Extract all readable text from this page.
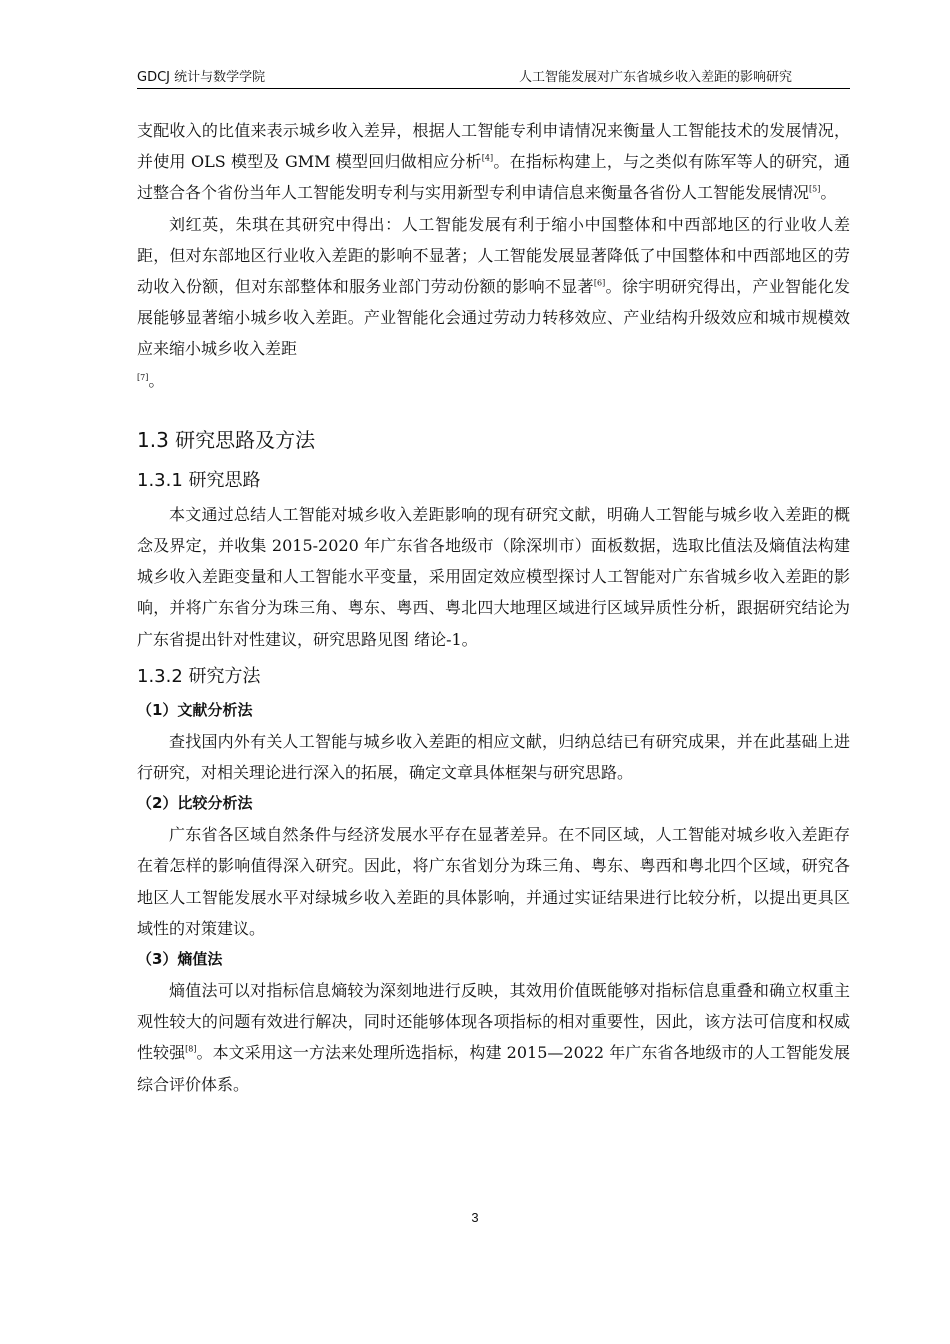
GDCJ 统计与数学学院	人工智能发展对广东省城乡收入差距的影响研究

支配收入的比值来表示城乡收入差异，根据人工智能专利申请情况来衡量人工智能技术的发展情况，并使用 OLS 模型及 GMM 模型回归做相应分析[4]。在指标构建上，与之类似有陈军等人的研究，通过整合各个省份当年人工智能发明专利与实用新型专利申请信息来衡量各省份人工智能发展情况[5]。

刘红英，朱琪在其研究中得出：人工智能发展有利于缩小中国整体和中西部地区的行业收人差距，但对东部地区行业收入差距的影响不显著；人工智能发展显著降低了中国整体和中西部地区的劳动收入份额，但对东部整体和服务业部门劳动份额的影响不显著[6]。徐宇明研究得出，产业智能化发展能够显著缩小城乡收入差距。产业智能化会通过劳动力转移效应、产业结构升级效应和城市规模效应来缩小城乡收入差距
[7]。

1.3 研究思路及方法
1.3.1 研究思路

本文通过总结人工智能对城乡收入差距影响的现有研究文献，明确人工智能与城乡收入差距的概念及界定，并收集 2015-2020 年广东省各地级市（除深圳市）面板数据，选取比值法及熵值法构建城乡收入差距变量和人工智能水平变量，采用固定效应模型探讨人工智能对广东省城乡收入差距的影响，并将广东省分为珠三角、粤东、粤西、粤北四大地理区域进行区域异质性分析，跟据研究结论为广东省提出针对性建议，研究思路见图 绪论-1。

1.3.2 研究方法
（1）文献分析法

查找国内外有关人工智能与城乡收入差距的相应文献，归纳总结已有研究成果，并在此基础上进行研究，对相关理论进行深入的拓展，确定文章具体框架与研究思路。

（2）比较分析法

广东省各区域自然条件与经济发展水平存在显著差异。在不同区域，人工智能对城乡收入差距存在着怎样的影响值得深入研究。因此，将广东省划分为珠三角、粤东、粤西和粤北四个区域，研究各地区人工智能发展水平对绿城乡收入差距的具体影响，并通过实证结果进行比较分析，以提出更具区域性的对策建议。

（3）熵值法

熵值法可以对指标信息熵较为深刻地进行反映，其效用价值既能够对指标信息重叠和确立权重主观性较大的问题有效进行解决，同时还能够体现各项指标的相对重要性，因此，该方法可信度和权威性较强[8]。本文采用这一方法来处理所选指标，构建 2015—2022 年广东省各地级市的人工智能发展综合评价体系。

3
